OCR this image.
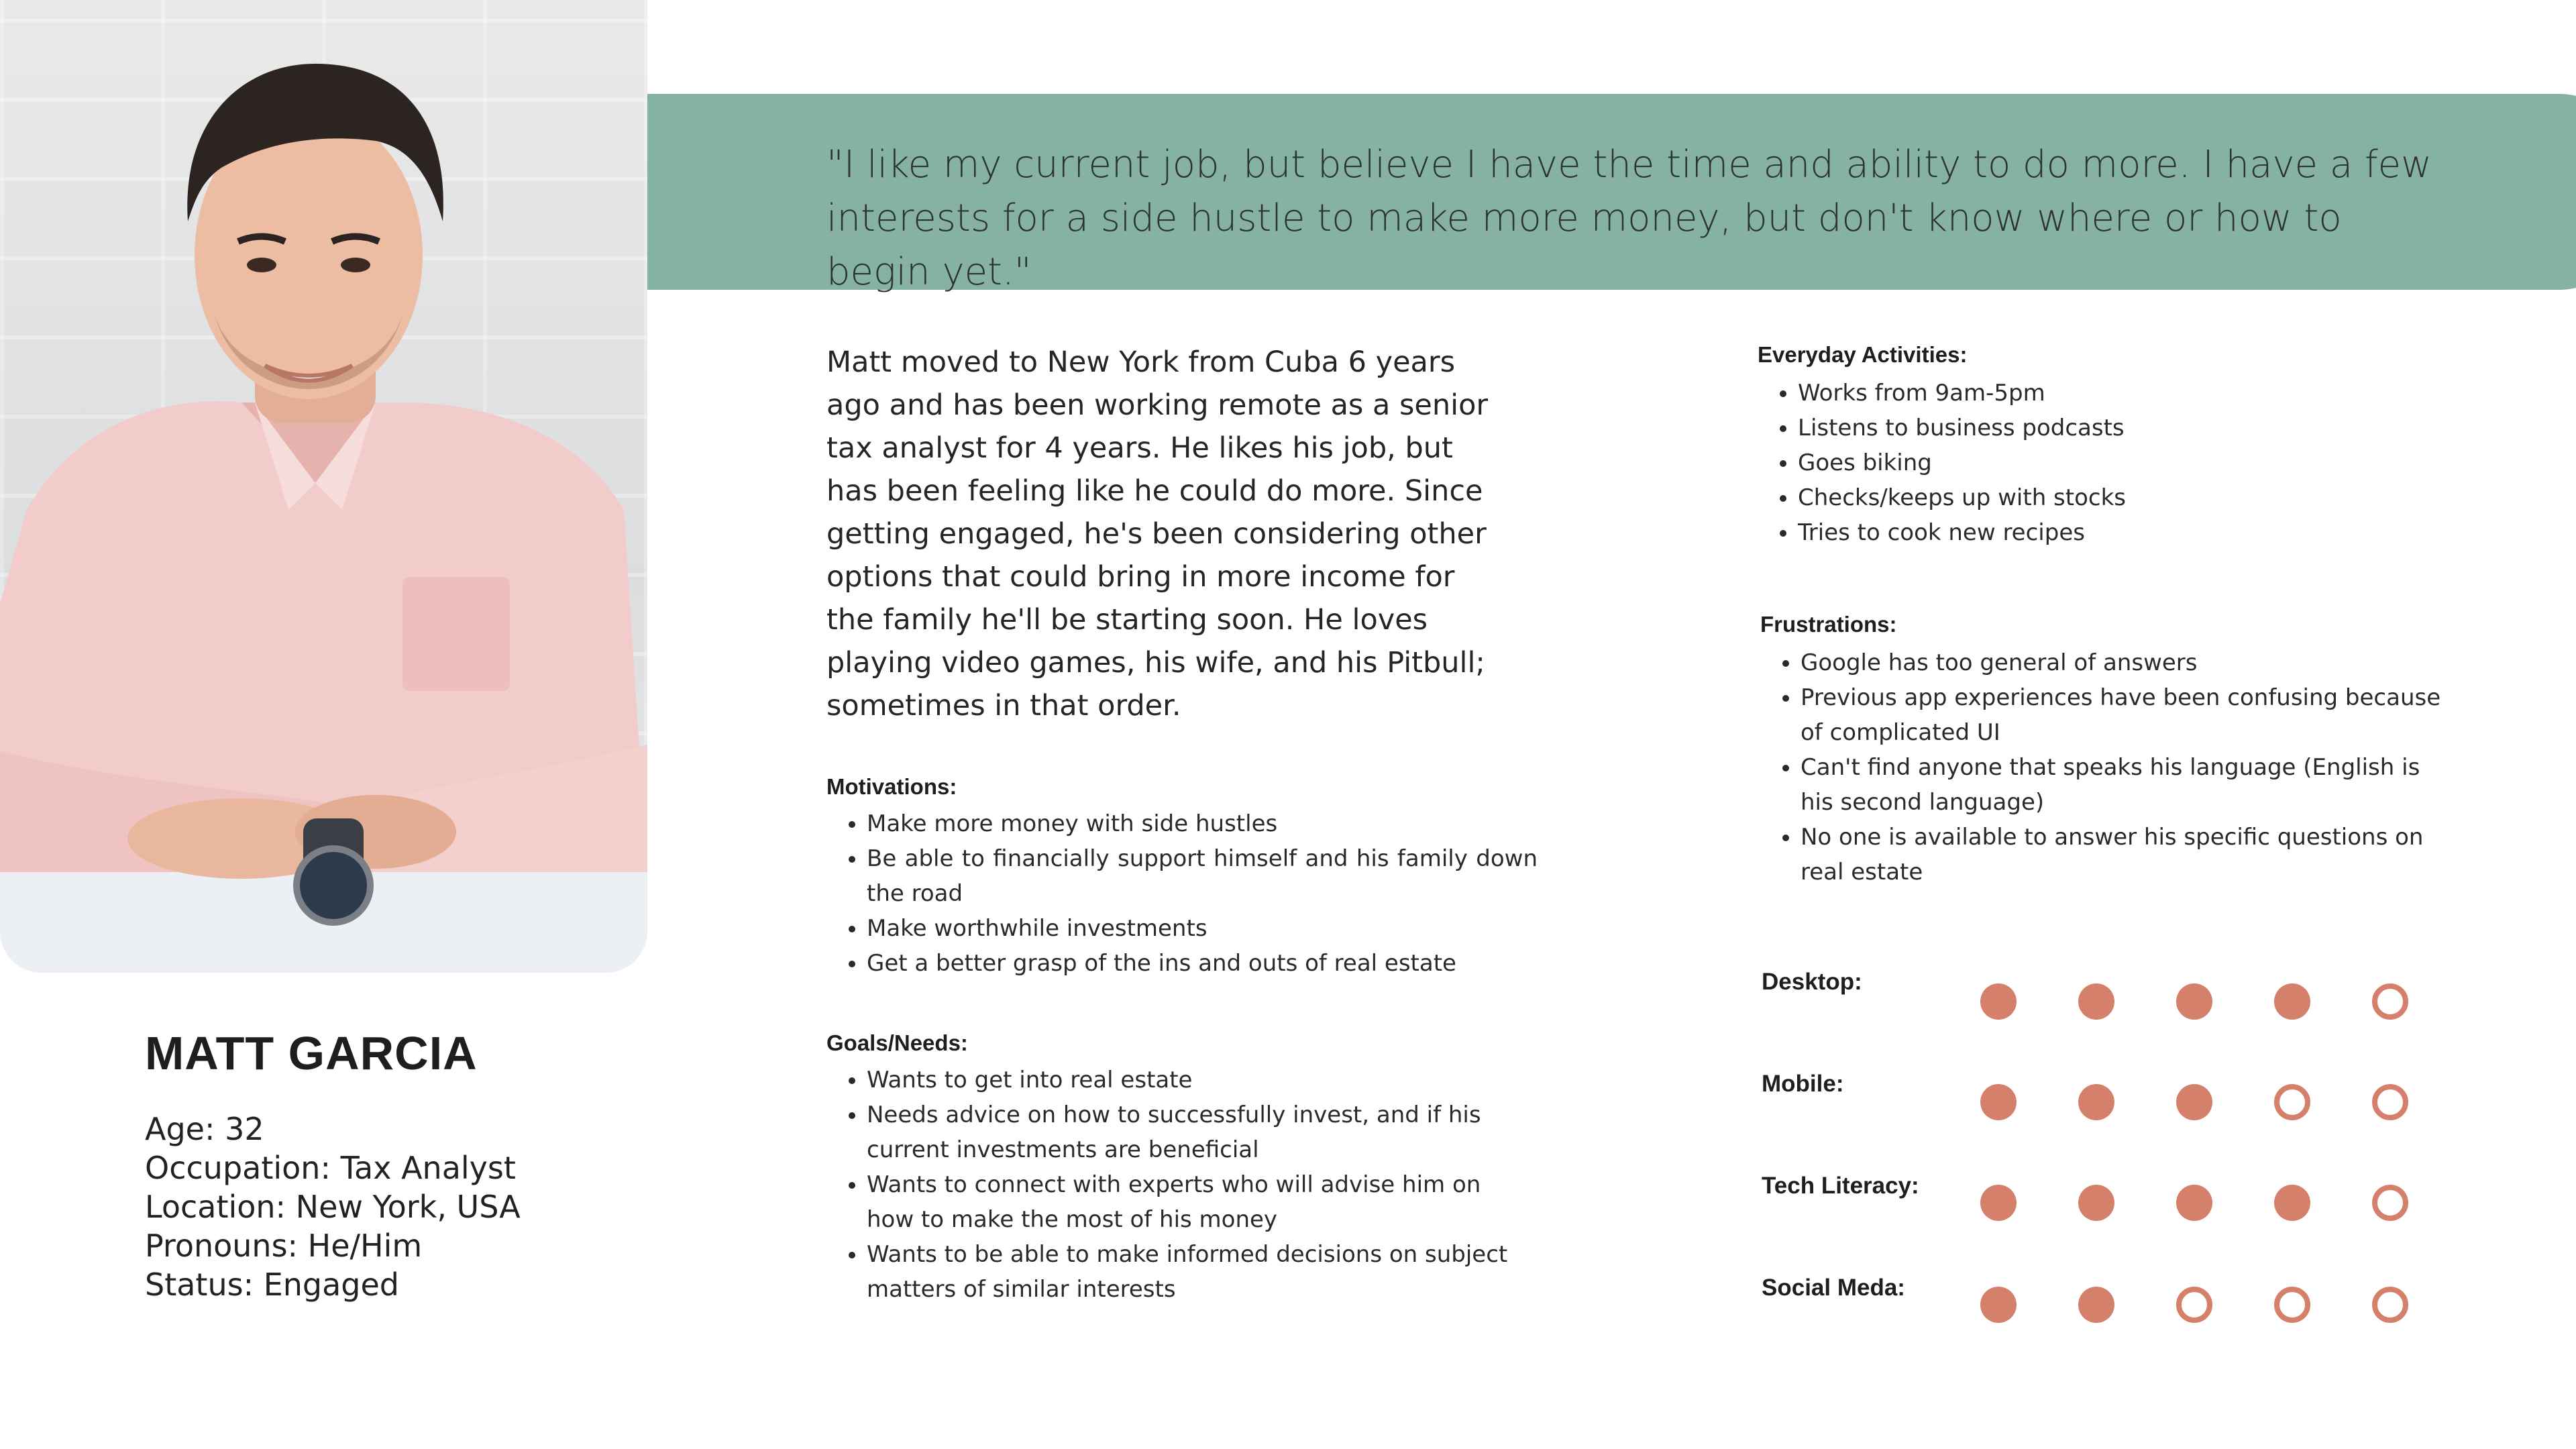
"I like my current job, but believe I have the time and ability to do more. I have a few interests for a side hustle to make more money, but don't know where or how to begin yet."

MATT GARCIA
Age: 32
Occupation: Tax Analyst
Location: New York, USA
Pronouns: He/Him
Status: Engaged

Matt moved to New York from Cuba 6 years ago and has been working remote as a senior tax analyst for 4 years. He likes his job, but has been feeling like he could do more. Since getting engaged, he's been considering other options that could bring in more income for the family he'll be starting soon. He loves playing video games, his wife, and his Pitbull; sometimes in that order.

Motivations:
• Make more money with side hustles
• Be able to financially support himself and his family down the road
• Make worthwhile investments
• Get a better grasp of the ins and outs of real estate
Goals/Needs:
• Wants to get into real estate
• Needs advice on how to successfully invest, and if his current investments are beneficial
• Wants to connect with experts who will advise him on how to make the most of his money
• Wants to be able to make informed decisions on subject matters of similar interests
Everyday Activities:
• Works from 9am-5pm
• Listens to business podcasts
• Goes biking
• Checks/keeps up with stocks
• Tries to cook new recipes
Frustrations:
• Google has too general of answers
• Previous app experiences have been confusing because of complicated UI
• Can't find anyone that speaks his language (English is his second language)
• No one is available to answer his specific questions on real estate
Desktop:
Mobile:
Tech Literacy:
Social Meda:
